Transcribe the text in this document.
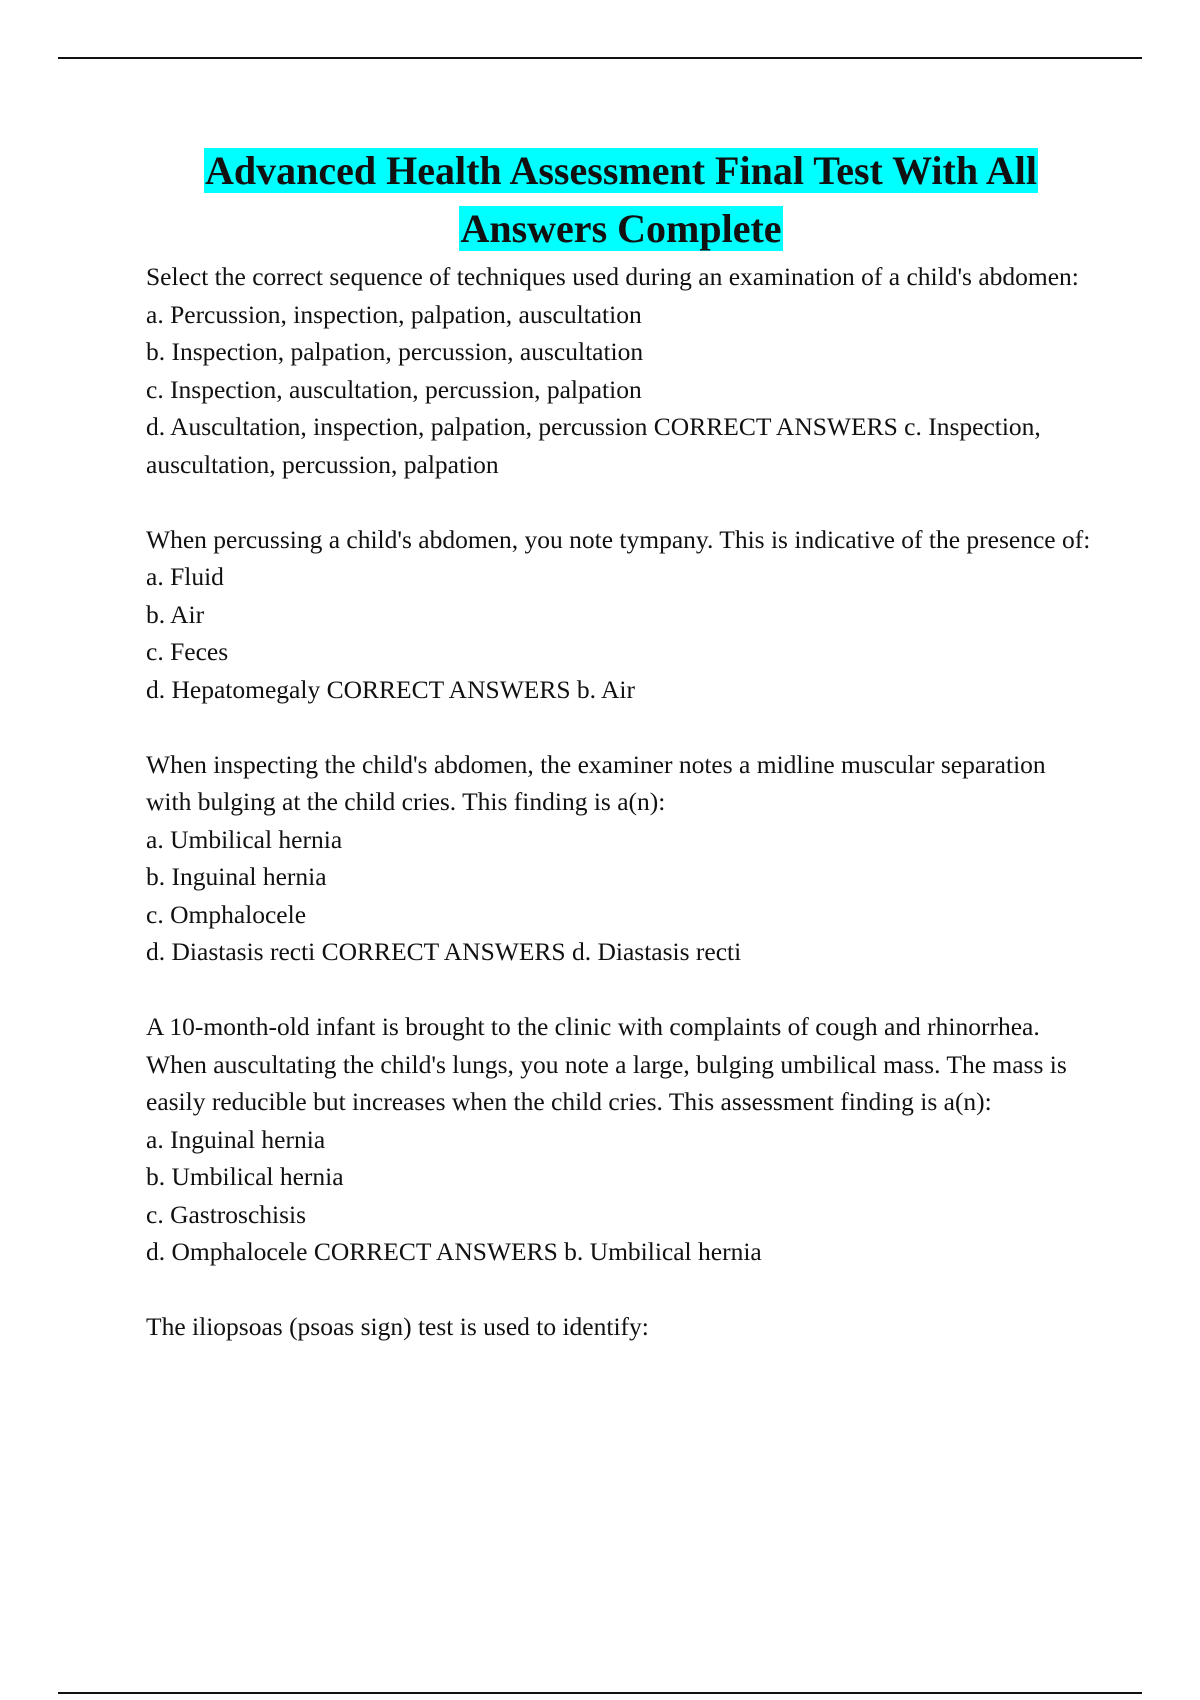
Advanced Health Assessment Final Test With All Answers Complete
Select the correct sequence of techniques used during an examination of a child's abdomen:
a. Percussion, inspection, palpation, auscultation
b. Inspection, palpation, percussion, auscultation
c. Inspection, auscultation, percussion, palpation
d. Auscultation, inspection, palpation, percussion CORRECT ANSWERS c. Inspection, auscultation, percussion, palpation
When percussing a child's abdomen, you note tympany. This is indicative of the presence of:
a. Fluid
b. Air
c. Feces
d. Hepatomegaly CORRECT ANSWERS b. Air
When inspecting the child's abdomen, the examiner notes a midline muscular separation with bulging at the child cries. This finding is a(n):
a. Umbilical hernia
b. Inguinal hernia
c. Omphalocele
d. Diastasis recti CORRECT ANSWERS d. Diastasis recti
A 10-month-old infant is brought to the clinic with complaints of cough and rhinorrhea. When auscultating the child's lungs, you note a large, bulging umbilical mass. The mass is easily reducible but increases when the child cries. This assessment finding is a(n):
a. Inguinal hernia
b. Umbilical hernia
c. Gastroschisis
d. Omphalocele CORRECT ANSWERS b. Umbilical hernia
The iliopsoas (psoas sign) test is used to identify:
